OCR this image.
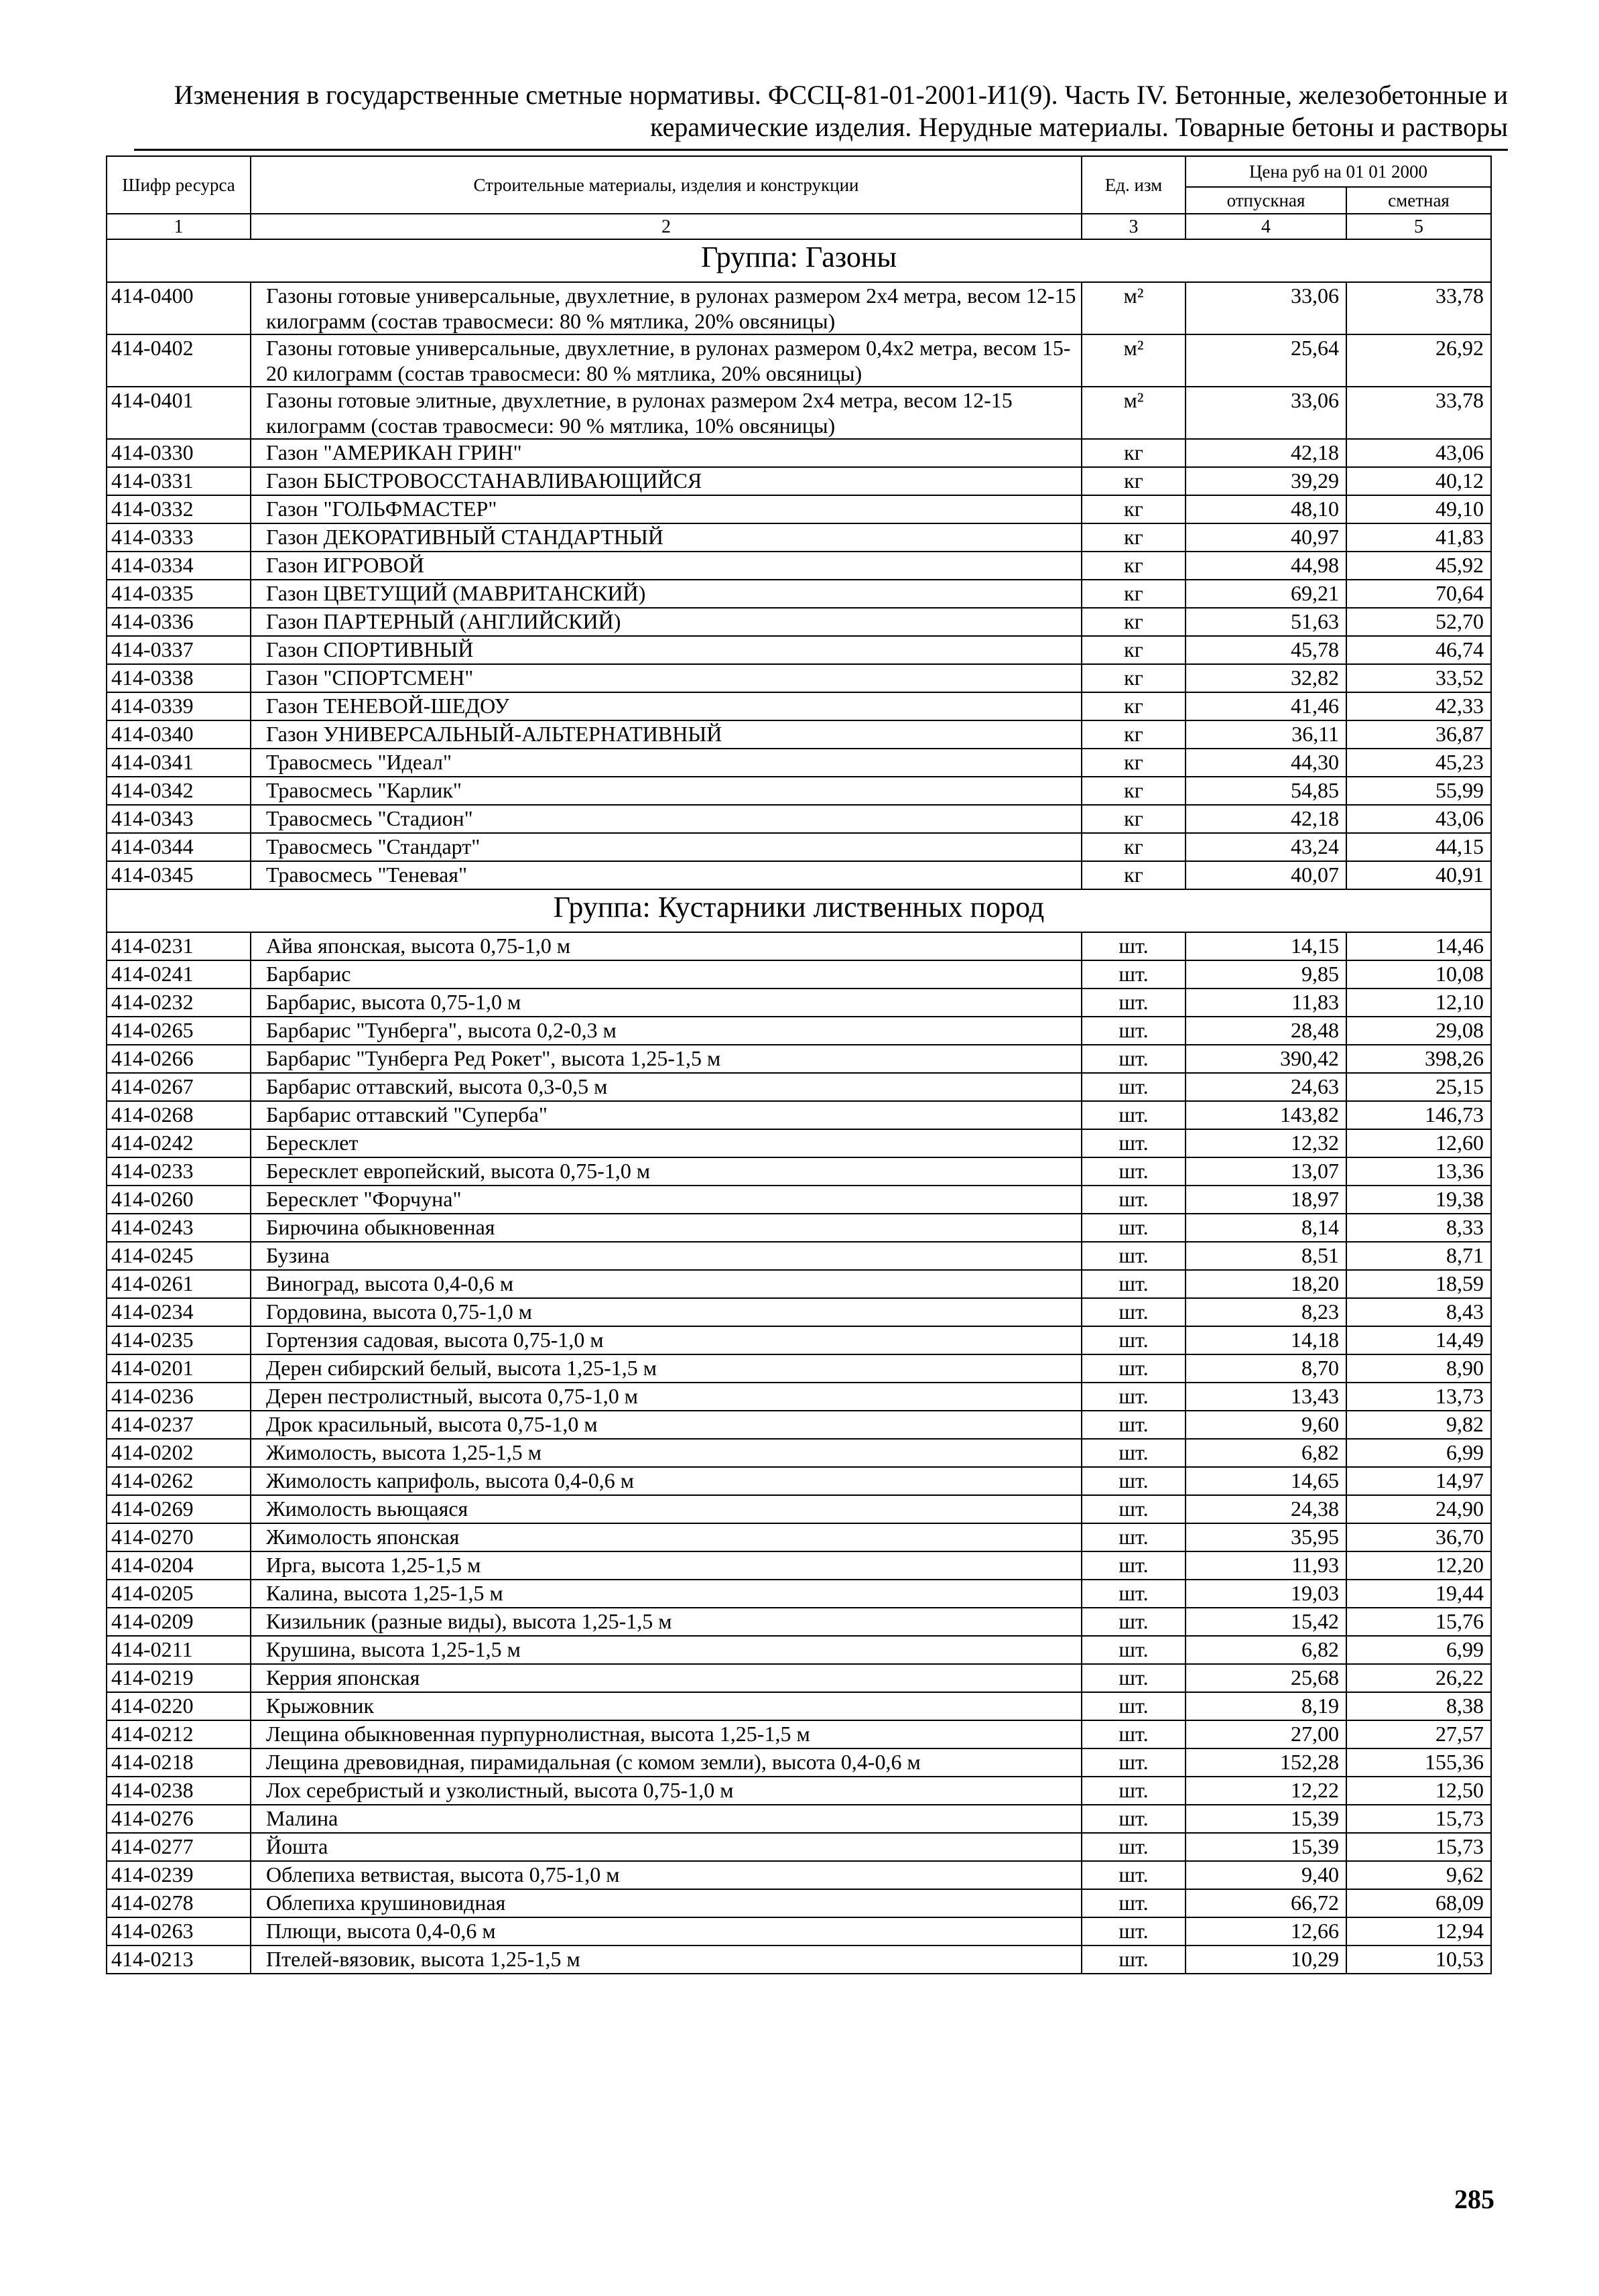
Изменения в государственные сметные нормативы. ФССЦ-81-01-2001-И1(9). Часть IV. Бетонные, железобетонные и
керамические изделия. Нерудные материалы. Товарные бетоны и растворы
Шифр ресурса	Строительные материалы, изделия и конструкции	Ед. изм	Цена руб на 01 01 2000	
			отпускная	сметная
1	2	3	4	5
Группа: Газоны				
414-0400	Газоны готовые универсальные, двухлетние, в рулонах размером 2х4 метра, весом 12-15 килограмм (состав травосмеси: 80 % мятлика, 20% овсяницы)	м²	33,06	33,78
414-0402	Газоны готовые универсальные, двухлетние, в рулонах размером 0,4х2 метра, весом 15-20 килограмм (состав травосмеси: 80 % мятлика, 20% овсяницы)	м²	25,64	26,92
414-0401	Газоны готовые элитные, двухлетние, в рулонах размером 2х4 метра, весом 12-15 килограмм (состав травосмеси: 90 % мятлика, 10% овсяницы)	м²	33,06	33,78
414-0330	Газон "АМЕРИКАН ГРИН"	кг	42,18	43,06
414-0331	Газон БЫСТРОВОССТАНАВЛИВАЮЩИЙСЯ	кг	39,29	40,12
414-0332	Газон "ГОЛЬФМАСТЕР"	кг	48,10	49,10
414-0333	Газон ДЕКОРАТИВНЫЙ СТАНДАРТНЫЙ	кг	40,97	41,83
414-0334	Газон ИГРОВОЙ	кг	44,98	45,92
414-0335	Газон ЦВЕТУЩИЙ (МАВРИТАНСКИЙ)	кг	69,21	70,64
414-0336	Газон ПАРТЕРНЫЙ (АНГЛИЙСКИЙ)	кг	51,63	52,70
414-0337	Газон СПОРТИВНЫЙ	кг	45,78	46,74
414-0338	Газон "СПОРТСМЕН"	кг	32,82	33,52
414-0339	Газон ТЕНЕВОЙ-ШЕДОУ	кг	41,46	42,33
414-0340	Газон УНИВЕРСАЛЬНЫЙ-АЛЬТЕРНАТИВНЫЙ	кг	36,11	36,87
414-0341	Травосмесь "Идеал"	кг	44,30	45,23
414-0342	Травосмесь "Карлик"	кг	54,85	55,99
414-0343	Травосмесь "Стадион"	кг	42,18	43,06
414-0344	Травосмесь "Стандарт"	кг	43,24	44,15
414-0345	Травосмесь "Теневая"	кг	40,07	40,91
Группа: Кустарники лиственных пород				
414-0231	Айва японская, высота 0,75-1,0 м	шт.	14,15	14,46
414-0241	Барбарис	шт.	9,85	10,08
414-0232	Барбарис, высота 0,75-1,0 м	шт.	11,83	12,10
414-0265	Барбарис "Тунберга", высота 0,2-0,3 м	шт.	28,48	29,08
414-0266	Барбарис "Тунберга Ред Рокет", высота 1,25-1,5 м	шт.	390,42	398,26
414-0267	Барбарис оттавский, высота 0,3-0,5 м	шт.	24,63	25,15
414-0268	Барбарис оттавский "Суперба"	шт.	143,82	146,73
414-0242	Бересклет	шт.	12,32	12,60
414-0233	Бересклет европейский, высота 0,75-1,0 м	шт.	13,07	13,36
414-0260	Бересклет "Форчуна"	шт.	18,97	19,38
414-0243	Бирючина обыкновенная	шт.	8,14	8,33
414-0245	Бузина	шт.	8,51	8,71
414-0261	Виноград, высота 0,4-0,6 м	шт.	18,20	18,59
414-0234	Гордовина, высота 0,75-1,0 м	шт.	8,23	8,43
414-0235	Гортензия садовая, высота 0,75-1,0 м	шт.	14,18	14,49
414-0201	Дерен сибирский белый, высота 1,25-1,5 м	шт.	8,70	8,90
414-0236	Дерен пестролистный, высота 0,75-1,0 м	шт.	13,43	13,73
414-0237	Дрок красильный, высота 0,75-1,0 м	шт.	9,60	9,82
414-0202	Жимолость, высота 1,25-1,5 м	шт.	6,82	6,99
414-0262	Жимолость каприфоль, высота 0,4-0,6 м	шт.	14,65	14,97
414-0269	Жимолость вьющаяся	шт.	24,38	24,90
414-0270	Жимолость японская	шт.	35,95	36,70
414-0204	Ирга, высота 1,25-1,5 м	шт.	11,93	12,20
414-0205	Калина, высота 1,25-1,5 м	шт.	19,03	19,44
414-0209	Кизильник (разные виды), высота 1,25-1,5 м	шт.	15,42	15,76
414-0211	Крушина, высота 1,25-1,5 м	шт.	6,82	6,99
414-0219	Керрия японская	шт.	25,68	26,22
414-0220	Крыжовник	шт.	8,19	8,38
414-0212	Лещина обыкновенная пурпурнолистная, высота 1,25-1,5 м	шт.	27,00	27,57
414-0218	Лещина древовидная, пирамидальная (с комом земли), высота 0,4-0,6 м	шт.	152,28	155,36
414-0238	Лох серебристый и узколистный, высота 0,75-1,0 м	шт.	12,22	12,50
414-0276	Малина	шт.	15,39	15,73
414-0277	Йошта	шт.	15,39	15,73
414-0239	Облепиха ветвистая, высота 0,75-1,0 м	шт.	9,40	9,62
414-0278	Облепиха крушиновидная	шт.	66,72	68,09
414-0263	Плющи, высота 0,4-0,6 м	шт.	12,66	12,94
414-0213	Птелей-вязовик, высота 1,25-1,5 м	шт.	10,29	10,53
285
